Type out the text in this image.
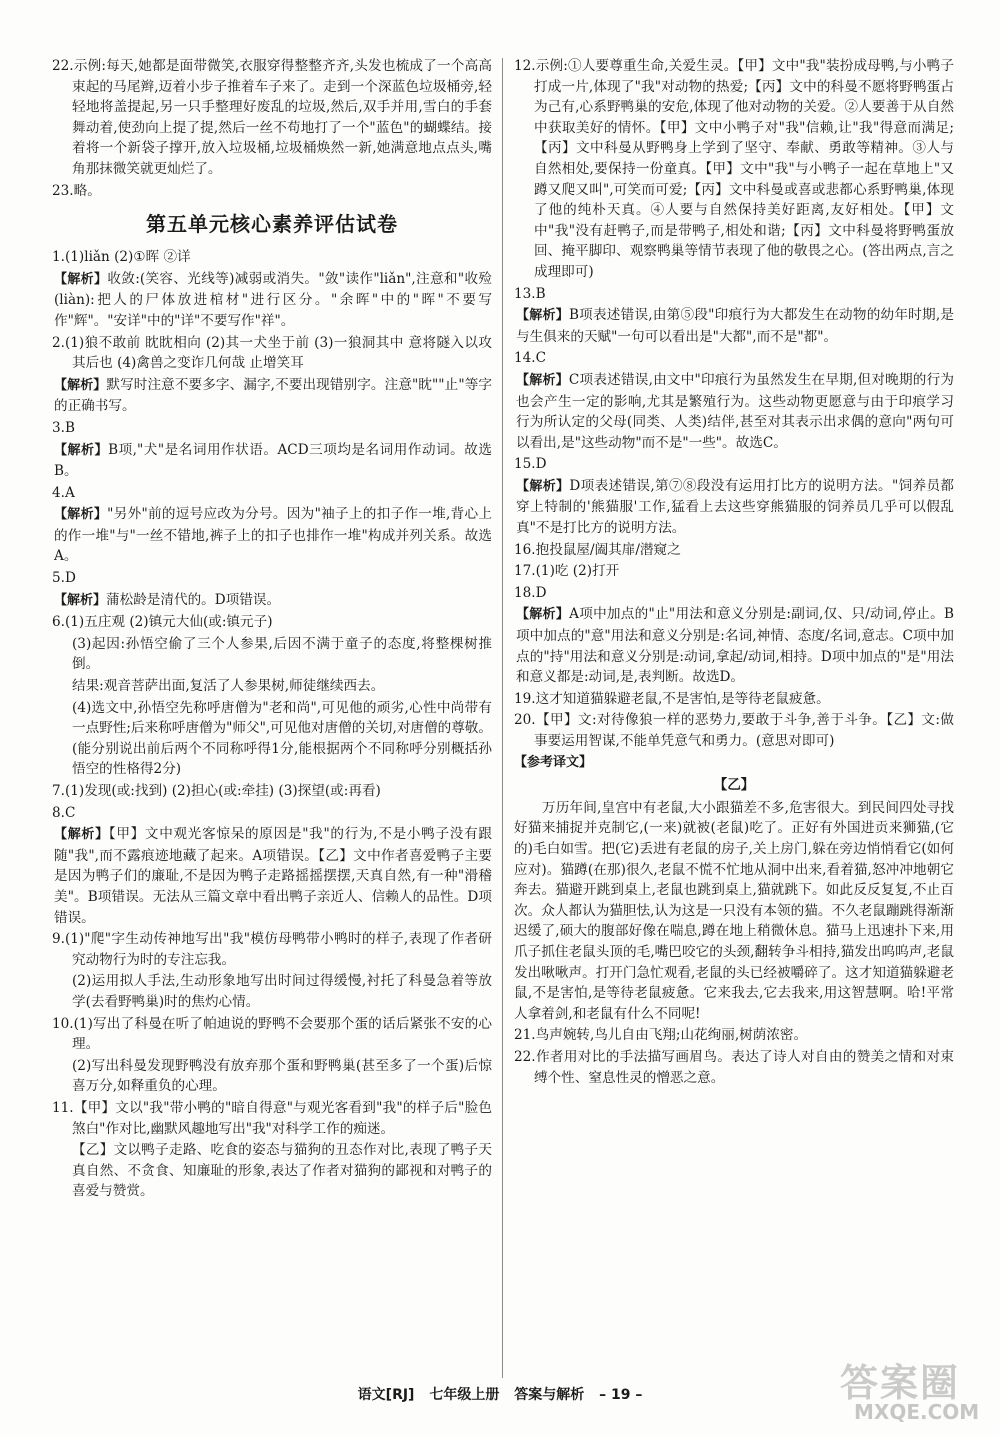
22.示例:每天,她都是面带微笑,衣服穿得整整齐齐,头发也梳成了一个高高束起的马尾辫,迈着小步子推着车子来了。走到一个深蓝色垃圾桶旁,轻轻地将盖提起,另一只手整理好废乱的垃圾,然后,双手并用,雪白的手套舞动着,使劲向上提了提,然后一丝不苟地打了一个"蓝色"的蝴蝶结。接着将一个新袋子撑开,放入垃圾桶,垃圾桶焕然一新,她满意地点点头,嘴角那抹微笑就更灿烂了。

23.略。

第五单元核心素养评估试卷

1.(1)liǎn (2)①晖 ②详

【解析】收敛:(笑容、光线等)减弱或消失。"敛"读作"liǎn",注意和"收殓(liàn):把人的尸体放进棺材"进行区分。"余晖"中的"晖"不要写作"辉"。"安详"中的"详"不要写作"祥"。

2.(1)狼不敢前 眈眈相向 (2)其一犬坐于前 (3)一狼洞其中 意将隧入以攻其后也 (4)禽兽之变诈几何哉 止增笑耳

【解析】默写时注意不要多字、漏字,不要出现错别字。注意"眈""止"等字的正确书写。

3.B

【解析】B项,"犬"是名词用作状语。ACD三项均是名词用作动词。故选B。

4.A

【解析】"另外"前的逗号应改为分号。因为"袖子上的扣子作一堆,背心上的作一堆"与"一丝不错地,裤子上的扣子也排作一堆"构成并列关系。故选A。

5.D

【解析】蒲松龄是清代的。D项错误。

6.(1)五庄观 (2)镇元大仙(或:镇元子)

(3)起因:孙悟空偷了三个人参果,后因不满于童子的态度,将整棵树推倒。

结果:观音菩萨出面,复活了人参果树,师徒继续西去。

(4)选文中,孙悟空先称呼唐僧为"老和尚",可见他的顽劣,心性中尚带有一点野性;后来称呼唐僧为"师父",可见他对唐僧的关切,对唐僧的尊敬。(能分别说出前后两个不同称呼得1分,能根据两个不同称呼分别概括孙悟空的性格得2分)

7.(1)发现(或:找到) (2)担心(或:牵挂) (3)探望(或:再看)

8.C

【解析】【甲】文中观光客惊呆的原因是"我"的行为,不是小鸭子没有跟随"我",而不露痕迹地藏了起来。A项错误。【乙】文中作者喜爱鸭子主要是因为鸭子们的廉耻,不是因为鸭子走路摇摇摆摆,天真自然,有一种"滑稽美"。B项错误。无法从三篇文章中看出鸭子亲近人、信赖人的品性。D项错误。

9.(1)"爬"字生动传神地写出"我"模仿母鸭带小鸭时的样子,表现了作者研究动物行为时的专注忘我。

(2)运用拟人手法,生动形象地写出时间过得缓慢,衬托了科曼急着等放学(去看野鸭巢)时的焦灼心情。

10.(1)写出了科曼在听了帕迪说的野鸭不会要那个蛋的话后紧张不安的心理。

(2)写出科曼发现野鸭没有放弃那个蛋和野鸭巢(甚至多了一个蛋)后惊喜万分,如释重负的心理。

11.【甲】文以"我"带小鸭的"暗自得意"与观光客看到"我"的样子后"脸色煞白"作对比,幽默风趣地写出"我"对科学工作的痴迷。

【乙】文以鸭子走路、吃食的姿态与猫狗的丑态作对比,表现了鸭子天真自然、不贪食、知廉耻的形象,表达了作者对猫狗的鄙视和对鸭子的喜爱与赞赏。

12.示例:①人要尊重生命,关爱生灵。【甲】文中"我"装扮成母鸭,与小鸭子打成一片,体现了"我"对动物的热爱;【丙】文中的科曼不愿将野鸭蛋占为己有,心系野鸭巢的安危,体现了他对动物的关爱。②人要善于从自然中获取美好的情怀。【甲】文中小鸭子对"我"信赖,让"我"得意而满足;【丙】文中科曼从野鸭身上学到了坚守、奉献、勇敢等精神。③人与自然相处,要保持一份童真。【甲】文中"我"与小鸭子一起在草地上"又蹲又爬又叫",可笑而可爱;【丙】文中科曼或喜或悲都心系野鸭巢,体现了他的纯朴天真。④人要与自然保持美好距离,友好相处。【甲】文中"我"没有赶鸭子,而是带鸭子,相处和谐;【丙】文中科曼将野鸭蛋放回、掩平脚印、观察鸭巢等情节表现了他的敬畏之心。(答出两点,言之成理即可)

13.B

【解析】B项表述错误,由第⑤段"印痕行为大都发生在动物的幼年时期,是与生俱来的天赋"一句可以看出是"大都",而不是"都"。

14.C

【解析】C项表述错误,由文中"印痕行为虽然发生在早期,但对晚期的行为也会产生一定的影响,尤其是繁殖行为。这些动物更愿意与由于印痕学习行为所认定的父母(同类、人类)结伴,甚至对其表示出求偶的意向"两句可以看出,是"这些动物"而不是"一些"。故选C。

15.D

【解析】D项表述错误,第⑦⑧段没有运用打比方的说明方法。"饲养员都穿上特制的'熊猫服'工作,猛看上去这些穿熊猫服的饲养员几乎可以假乱真"不是打比方的说明方法。

16.抱投鼠屋/阖其扉/潜窥之

17.(1)吃 (2)打开

18.D

【解析】A项中加点的"止"用法和意义分别是:副词,仅、只/动词,停止。B项中加点的"意"用法和意义分别是:名词,神情、态度/名词,意志。C项中加点的"持"用法和意义分别是:动词,拿起/动词,相持。D项中加点的"是"用法和意义都是:动词,是,表判断。故选D。

19.这才知道猫躲避老鼠,不是害怕,是等待老鼠疲惫。

20.【甲】文:对待像狼一样的恶势力,要敢于斗争,善于斗争。【乙】文:做事要运用智谋,不能单凭意气和勇力。(意思对即可)

【参考译文】

【乙】

万历年间,皇宫中有老鼠,大小跟猫差不多,危害很大。到民间四处寻找好猫来捕捉并克制它,(一来)就被(老鼠)吃了。正好有外国进贡来狮猫,(它的)毛白如雪。把(它)丢进有老鼠的房子,关上房门,躲在旁边悄悄看它(如何应对)。猫蹲(在那)很久,老鼠不慌不忙地从洞中出来,看着猫,怒冲冲地朝它奔去。猫避开跳到桌上,老鼠也跳到桌上,猫就跳下。如此反反复复,不止百次。众人都认为猫胆怯,认为这是一只没有本领的猫。不久老鼠蹦跳得渐渐迟缓了,硕大的腹部好像在喘息,蹲在地上稍微休息。猫马上迅速扑下来,用爪子抓住老鼠头顶的毛,嘴巴咬它的头颈,翻转争斗相持,猫发出呜呜声,老鼠发出啾啾声。打开门急忙观看,老鼠的头已经被嚼碎了。这才知道猫躲避老鼠,不是害怕,是等待老鼠疲惫。它来我去,它去我来,用这智慧啊。哈!平常人拿着剑,和老鼠有什么不同呢!

21.鸟声婉转,鸟儿自由飞翔;山花绚丽,树荫浓密。

22.作者用对比的手法描写画眉鸟。表达了诗人对自由的赞美之情和对束缚个性、窒息性灵的憎恶之意。

语文[RJ] 七年级上册 答案与解析 – 19 –	答案圈
MXQE.COM
